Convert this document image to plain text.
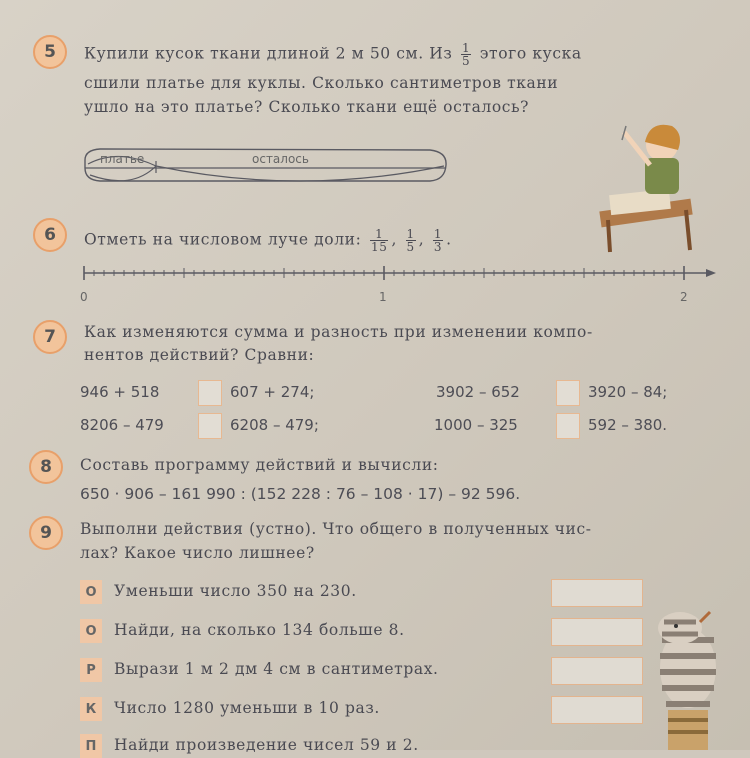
5 Купили кусок ткани длиной 2 м 50 см. Из $\frac{1}{5}$ этого куска
сшили платье для куклы. Сколько сантиметров ткани
ушло на это платье? Сколько ткани ещё осталось?
платье	осталось
6 Отметь на числовом луче доли: $\frac{1}{15}$ , $\frac{1}{5}$ , $\frac{1}{3}$ .
0	1	2
7 Как изменяются сумма и разность при изменении компо-
нентов действий? Сравни:
946 + 518	607 + 274;	3902 – 652	3920 – 84;
8206 – 479	6208 – 479;	1000 – 325	592 – 380.
8 Составь программу действий и вычисли:
650 · 906 – 161 990 : (152 228 : 76 – 108 · 17) – 92 596.
9 Выполни действия (устно). Что общего в полученных чис-
лах? Какое число лишнее?
О	Уменьши число 350 на 230.
О	Найди, на сколько 134 больше 8.
Р	Вырази 1 м 2 дм 4 см в сантиметрах.
К	Число 1280 уменьши в 10 раз.
П	Найди произведение чисел 59 и 2.
